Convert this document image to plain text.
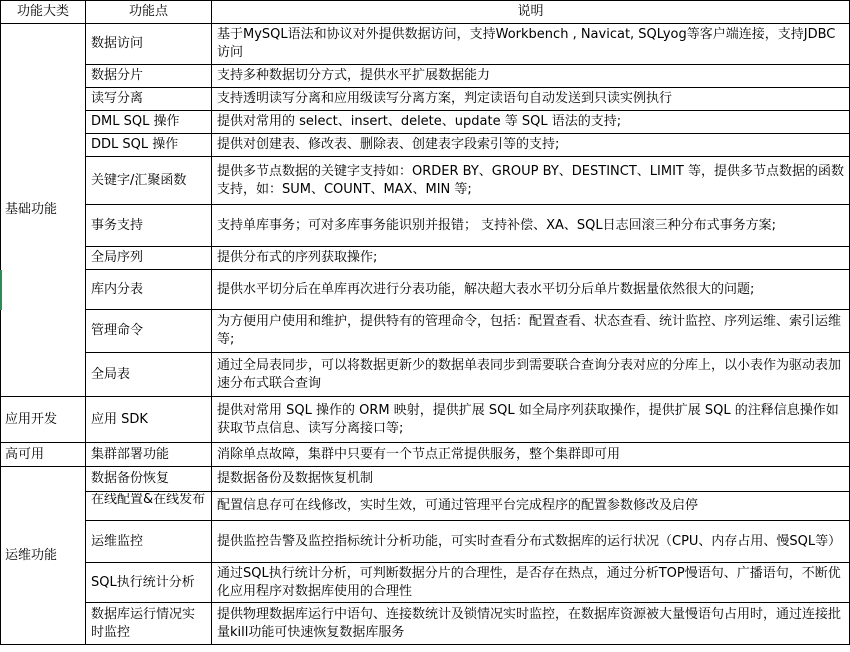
功能大类	功能点	说明
基础功能	数据访问	基于MySQL语法和协议对外提供数据访问，支持Workbench , Navicat, SQLyog等客户端连接，支持JDBC访问
	数据分片	支持多种数据切分方式，提供水平扩展数据能力
	读写分离	支持透明读写分离和应用级读写分离方案，判定读语句自动发送到只读实例执行
	DML SQL 操作	提供对常用的 select、insert、delete、update 等 SQL 语法的支持;
	DDL SQL 操作	提供对创建表、修改表、删除表、创建表字段索引等的支持;
	关键字/汇聚函数	提供多节点数据的关键字支持如：ORDER BY、GROUP BY、DESTINCT、LIMIT 等，提供多节点数据的函数支持，如：SUM、COUNT、MAX、MIN 等;
	事务支持	支持单库事务；可对多库事务能识别并报错； 支持补偿、XA、SQL日志回滚三种分布式事务方案;
	全局序列	提供分布式的序列获取操作;
	库内分表	提供水平切分后在单库再次进行分表功能，解决超大表水平切分后单片数据量依然很大的问题;
	管理命令	为方便用户使用和维护，提供特有的管理命令，包括：配置查看、状态查看、统计监控、序列运维、索引运维等;
	全局表	通过全局表同步，可以将数据更新少的数据单表同步到需要联合查询分表对应的分库上，以小表作为驱动表加速分布式联合查询
应用开发	应用 SDK	提供对常用 SQL 操作的 ORM 映射，提供扩展 SQL 如全局序列获取操作，提供扩展 SQL 的注释信息操作如获取节点信息、读写分离接口等;
高可用	集群部署功能	消除单点故障，集群中只要有一个节点正常提供服务，整个集群即可用
运维功能	数据备份恢复	提数据备份及数据恢复机制

	在线配置&在线发布	配置信息存可在线修改，实时生效，可通过管理平台完成程序的配置参数修改及启停
	运维监控	提供监控告警及监控指标统计分析功能，可实时查看分布式数据库的运行状况（CPU、内存占用、慢SQL等）
	SQL执行统计分析	通过SQL执行统计分析，可判断数据分片的合理性，是否存在热点，通过分析TOP慢语句、广播语句，不断优化应用程序对数据库使用的合理性
	数据库运行情况实时监控	提供物理数据库运行中语句、连接数统计及锁情况实时监控，在数据库资源被大量慢语句占用时，通过连接批量kill功能可快速恢复数据库服务
